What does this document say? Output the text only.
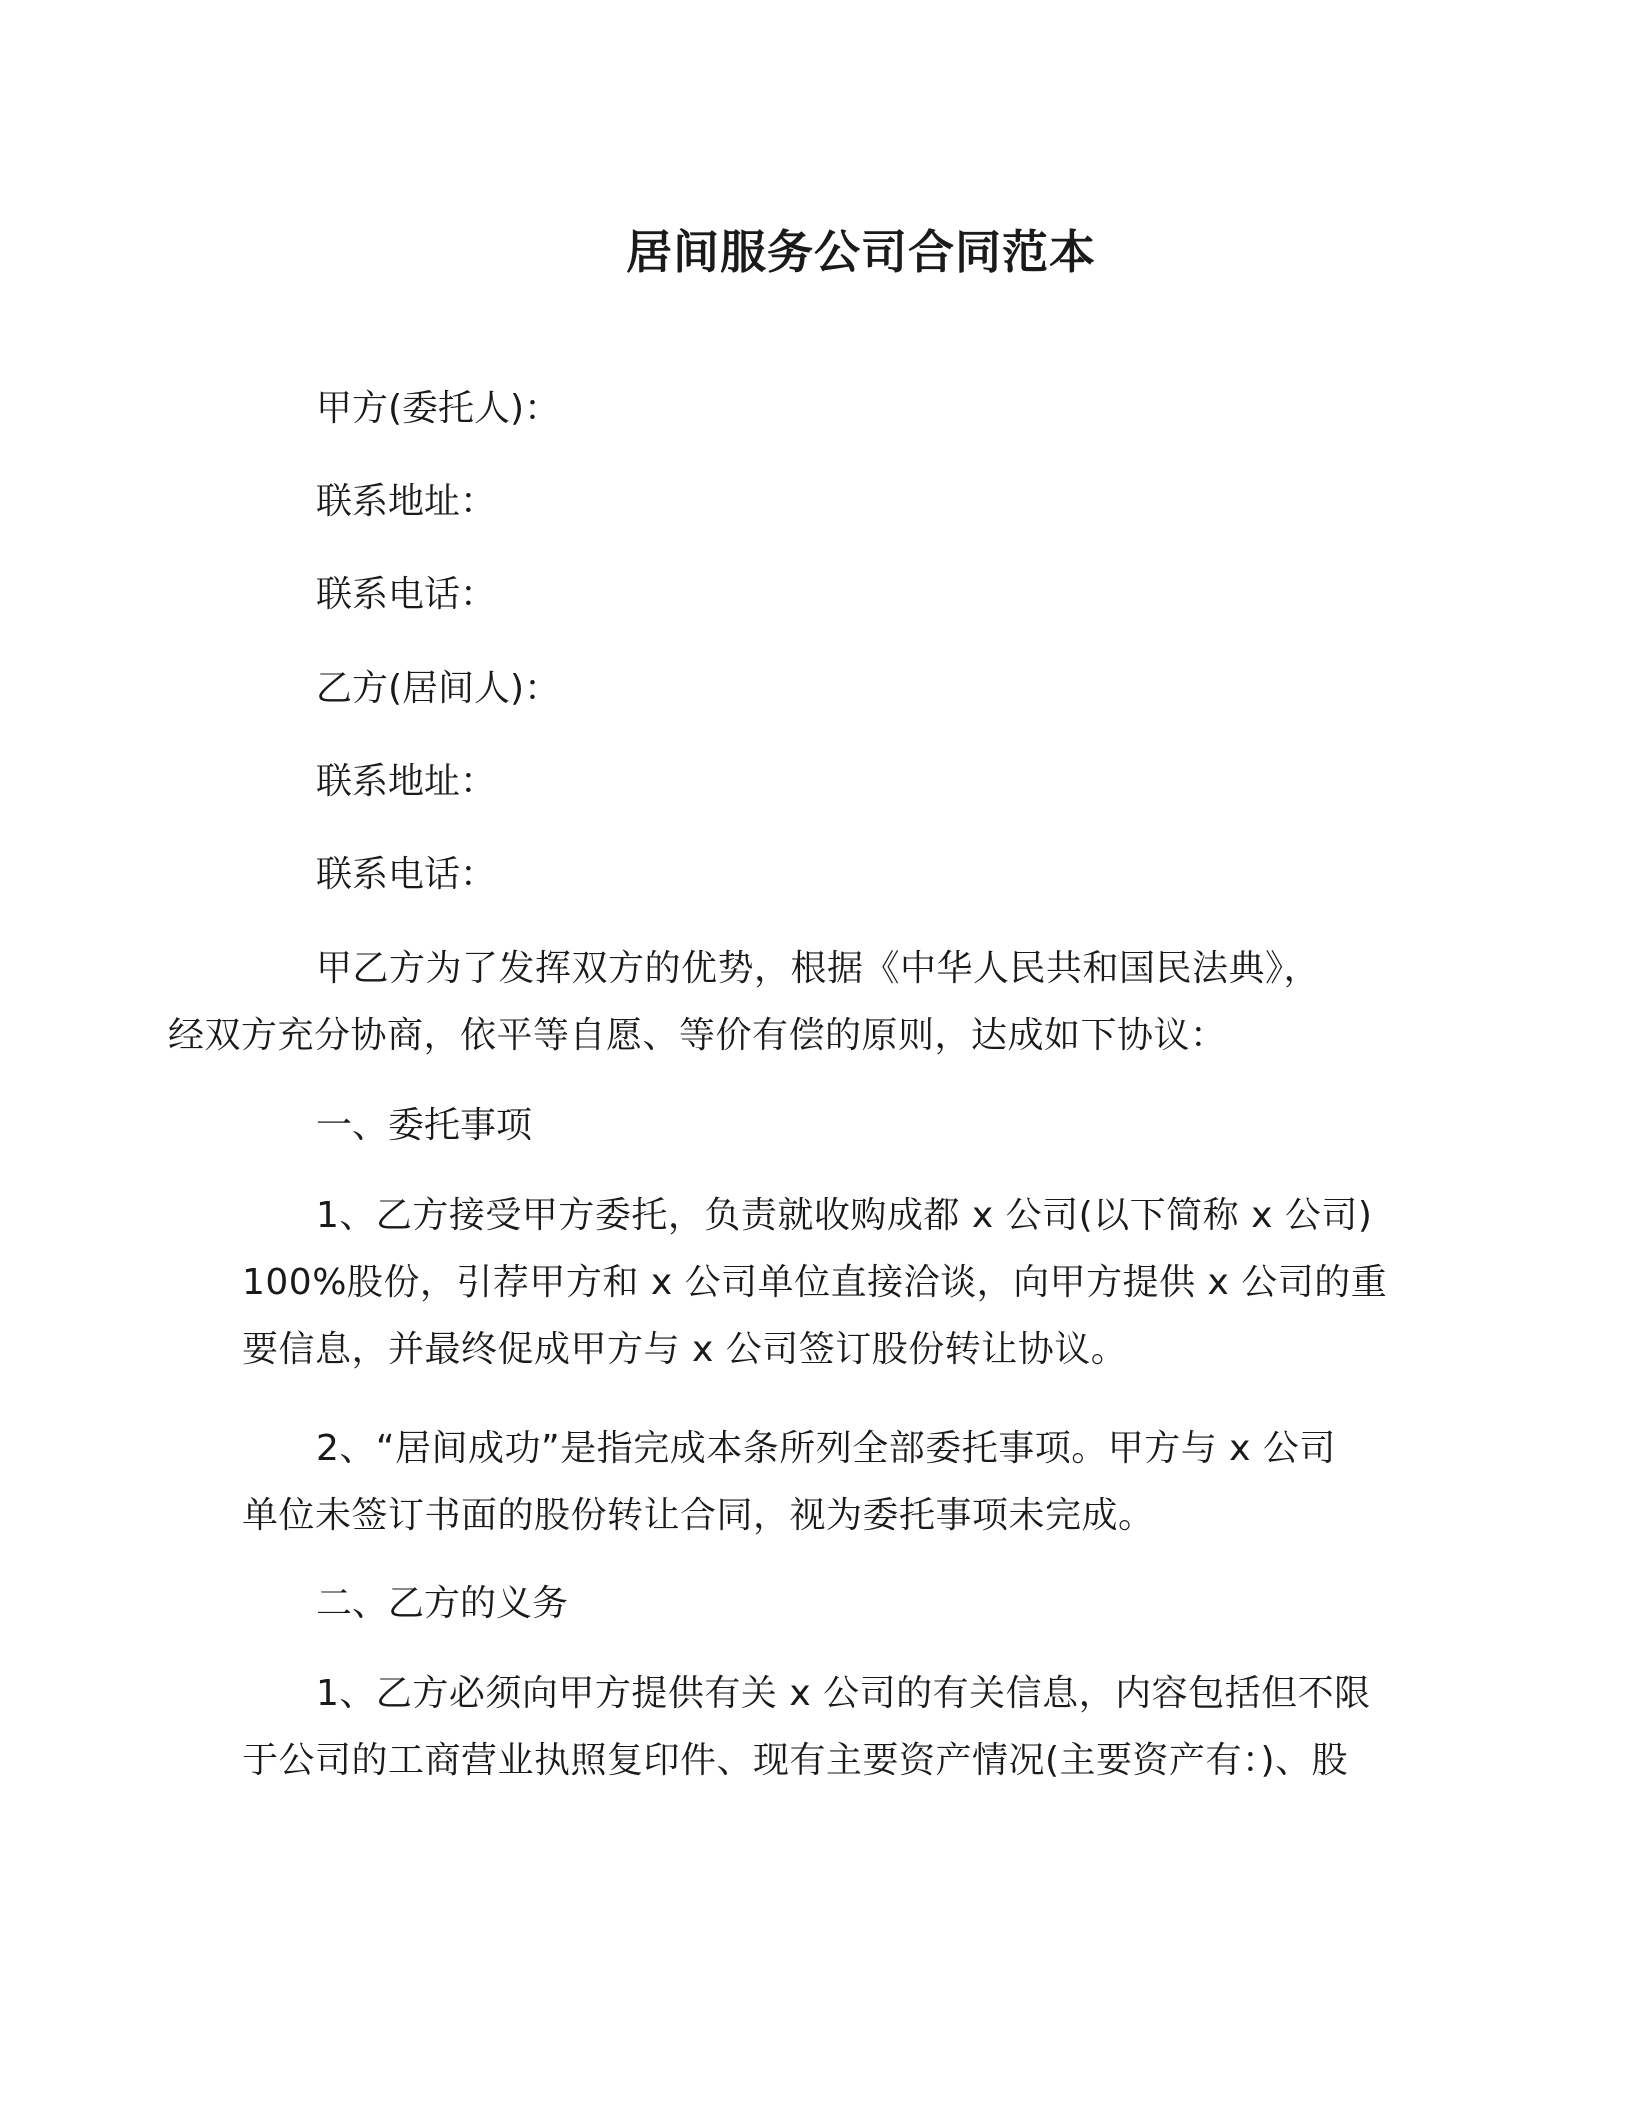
居间服务公司合同范本
甲方(委托人)：
联系地址：
联系电话：
乙方(居间人)：
联系地址：
联系电话：
甲乙方为了发挥双方的优势，根据《中华人民共和国民法典》，
经双方充分协商，依平等自愿、等价有偿的原则，达成如下协议：
一、委托事项
1、乙方接受甲方委托，负责就收购成都 x 公司(以下简称 x 公司)
100%股份，引荐甲方和 x 公司单位直接洽谈，向甲方提供 x 公司的重
要信息，并最终促成甲方与 x 公司签订股份转让协议。
2、“居间成功”是指完成本条所列全部委托事项。甲方与 x 公司
单位未签订书面的股份转让合同，视为委托事项未完成。
二、乙方的义务
1、乙方必须向甲方提供有关 x 公司的有关信息，内容包括但不限
于公司的工商营业执照复印件、现有主要资产情况(主要资产有：)、股
